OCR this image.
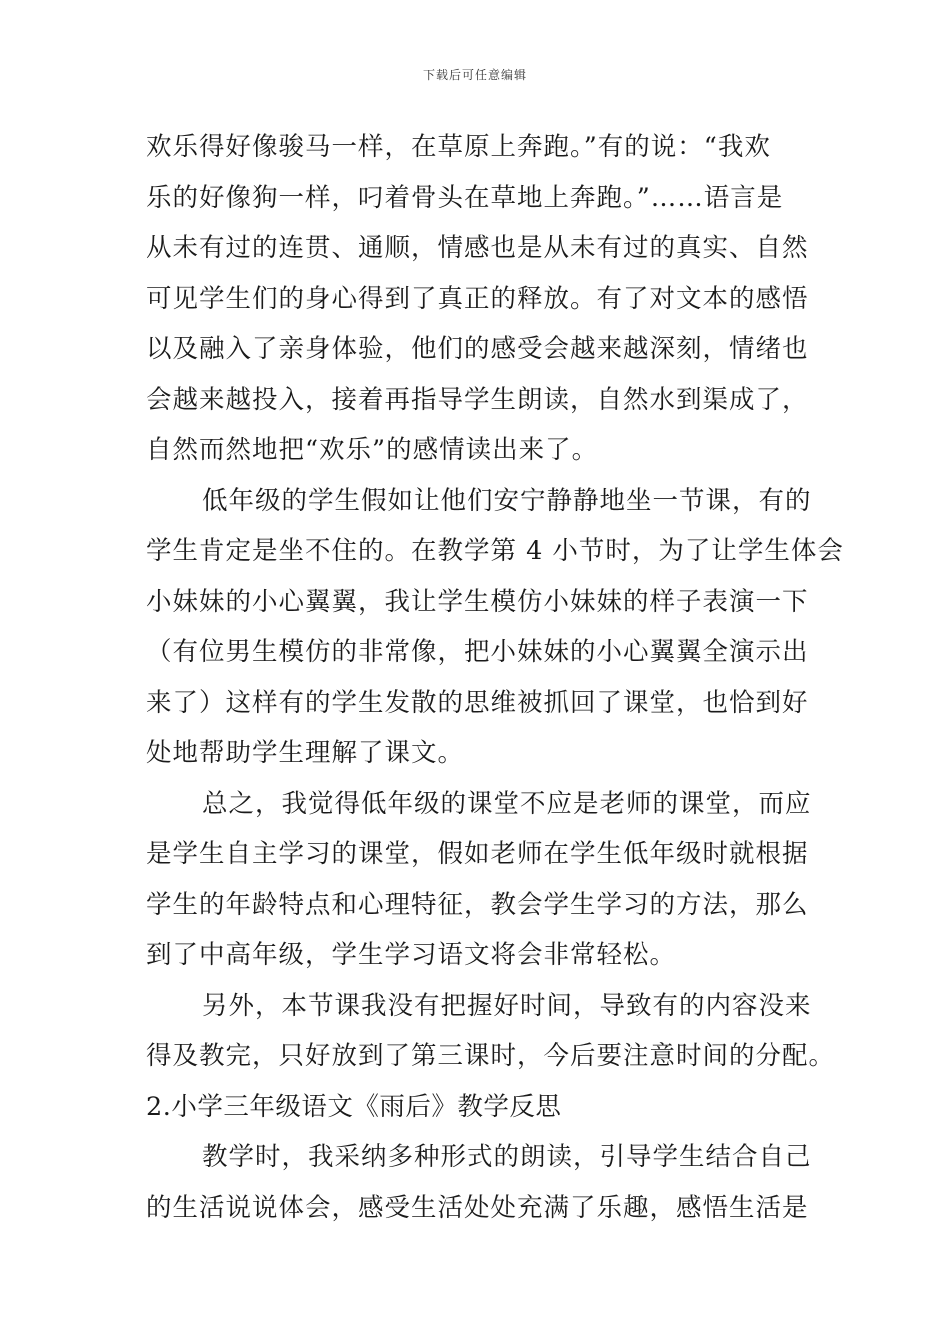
下载后可任意编辑
欢乐得好像骏马一样，在草原上奔跑。”有的说：“我欢
乐的好像狗一样，叼着骨头在草地上奔跑。”……语言是
从未有过的连贯、通顺，情感也是从未有过的真实、自然
可见学生们的身心得到了真正的释放。有了对文本的感悟
以及融入了亲身体验，他们的感受会越来越深刻，情绪也
会越来越投入，接着再指导学生朗读，自然水到渠成了，
自然而然地把“欢乐”的感情读出来了。
低年级的学生假如让他们安宁静静地坐一节课，有的
学生肯定是坐不住的。在教学第 4 小节时，为了让学生体会
小妹妹的小心翼翼，我让学生模仿小妹妹的样子表演一下
（有位男生模仿的非常像，把小妹妹的小心翼翼全演示出
来了）这样有的学生发散的思维被抓回了课堂，也恰到好
处地帮助学生理解了课文。
总之，我觉得低年级的课堂不应是老师的课堂，而应
是学生自主学习的课堂，假如老师在学生低年级时就根据
学生的年龄特点和心理特征，教会学生学习的方法，那么
到了中高年级，学生学习语文将会非常轻松。
另外，本节课我没有把握好时间，导致有的内容没来
得及教完，只好放到了第三课时，今后要注意时间的分配。
2.小学三年级语文《雨后》教学反思
教学时，我采纳多种形式的朗读，引导学生结合自己
的生活说说体会，感受生活处处充满了乐趣，感悟生活是
